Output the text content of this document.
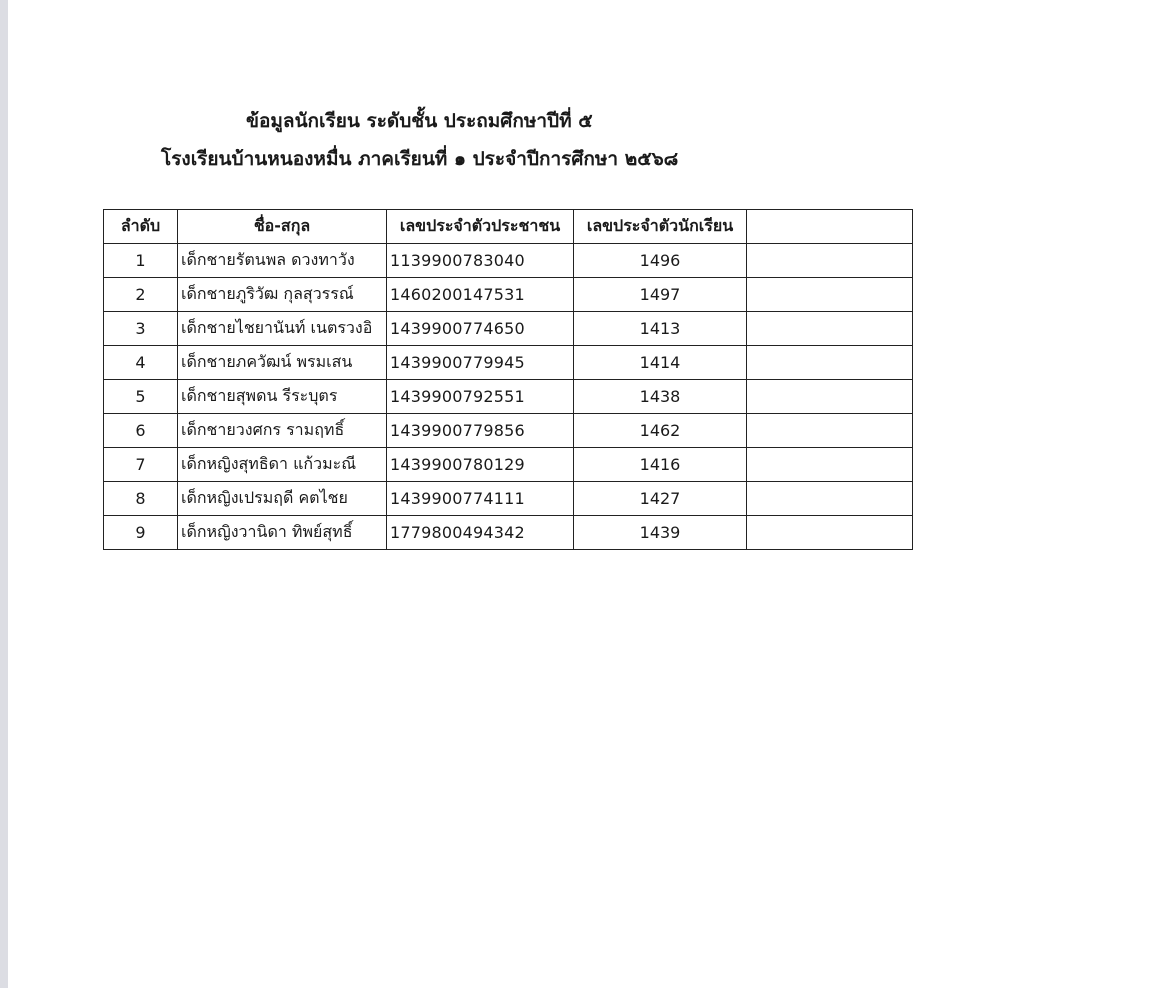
ข้อมูลนักเรียน ระดับชั้น ประถมศึกษาปีที่ ๕
โรงเรียนบ้านหนองหมื่น ภาคเรียนที่ ๑ ประจำปีการศึกษา ๒๕๖๘
ลำดับ	ชื่อ-สกุล	เลขประจำตัวประชาชน	เลขประจำตัวนักเรียน	
1	เด็กชายรัตนพล ดวงทาวัง	1139900783040	1496	
2	เด็กชายภูริวัฒ กุลสุวรรณ์	1460200147531	1497	
3	เด็กชายไชยานันท์ เนตรวงอิ	1439900774650	1413	
4	เด็กชายภควัฒน์ พรมเสน	1439900779945	1414	
5	เด็กชายสุพดน รีระบุตร	1439900792551	1438	
6	เด็กชายวงศกร รามฤทธิ์	1439900779856	1462	
7	เด็กหญิงสุทธิดา แก้วมะณี	1439900780129	1416	
8	เด็กหญิงเปรมฤดี คตไชย	1439900774111	1427	
9	เด็กหญิงวานิดา ทิพย์สุทธิ์	1779800494342	1439	
